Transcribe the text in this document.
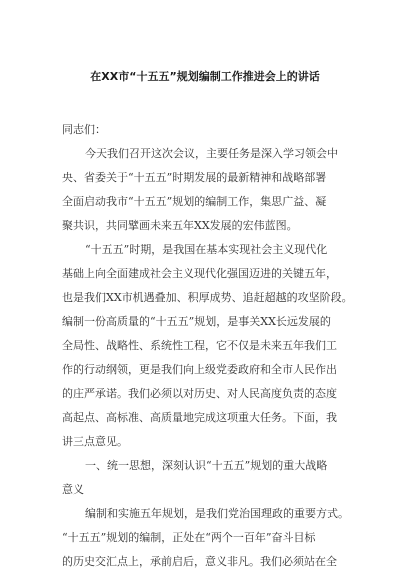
在XX市“十五五”规划编制工作推进会上的讲话
同志们：
今天我们召开这次会议，主要任务是深入学习领会中
央、省委关于“十五五”时期发展的最新精神和战略部署
全面启动我市“十五五”规划的编制工作，集思广益、凝
聚共识，共同擘画未来五年XX发展的宏伟蓝图。
“十五五”时期，是我国在基本实现社会主义现代化
基础上向全面建成社会主义现代化强国迈进的关键五年，
也是我们XX市机遇叠加、积厚成势、追赶超越的攻坚阶段。
编制一份高质量的“十五五”规划，是事关XX长远发展的
全局性、战略性、系统性工程，它不仅是未来五年我们工
作的行动纲领，更是我们向上级党委政府和全市人民作出
的庄严承诺。我们必须以对历史、对人民高度负责的态度
高起点、高标准、高质量地完成这项重大任务。下面，我
讲三点意见。
一、统一思想，深刻认识“十五五”规划的重大战略
意义
编制和实施五年规划，是我们党治国理政的重要方式。
“十五五”规划的编制，正处在“两个一百年”奋斗目标
的历史交汇点上，承前启后，意义非凡。我们必须站在全
